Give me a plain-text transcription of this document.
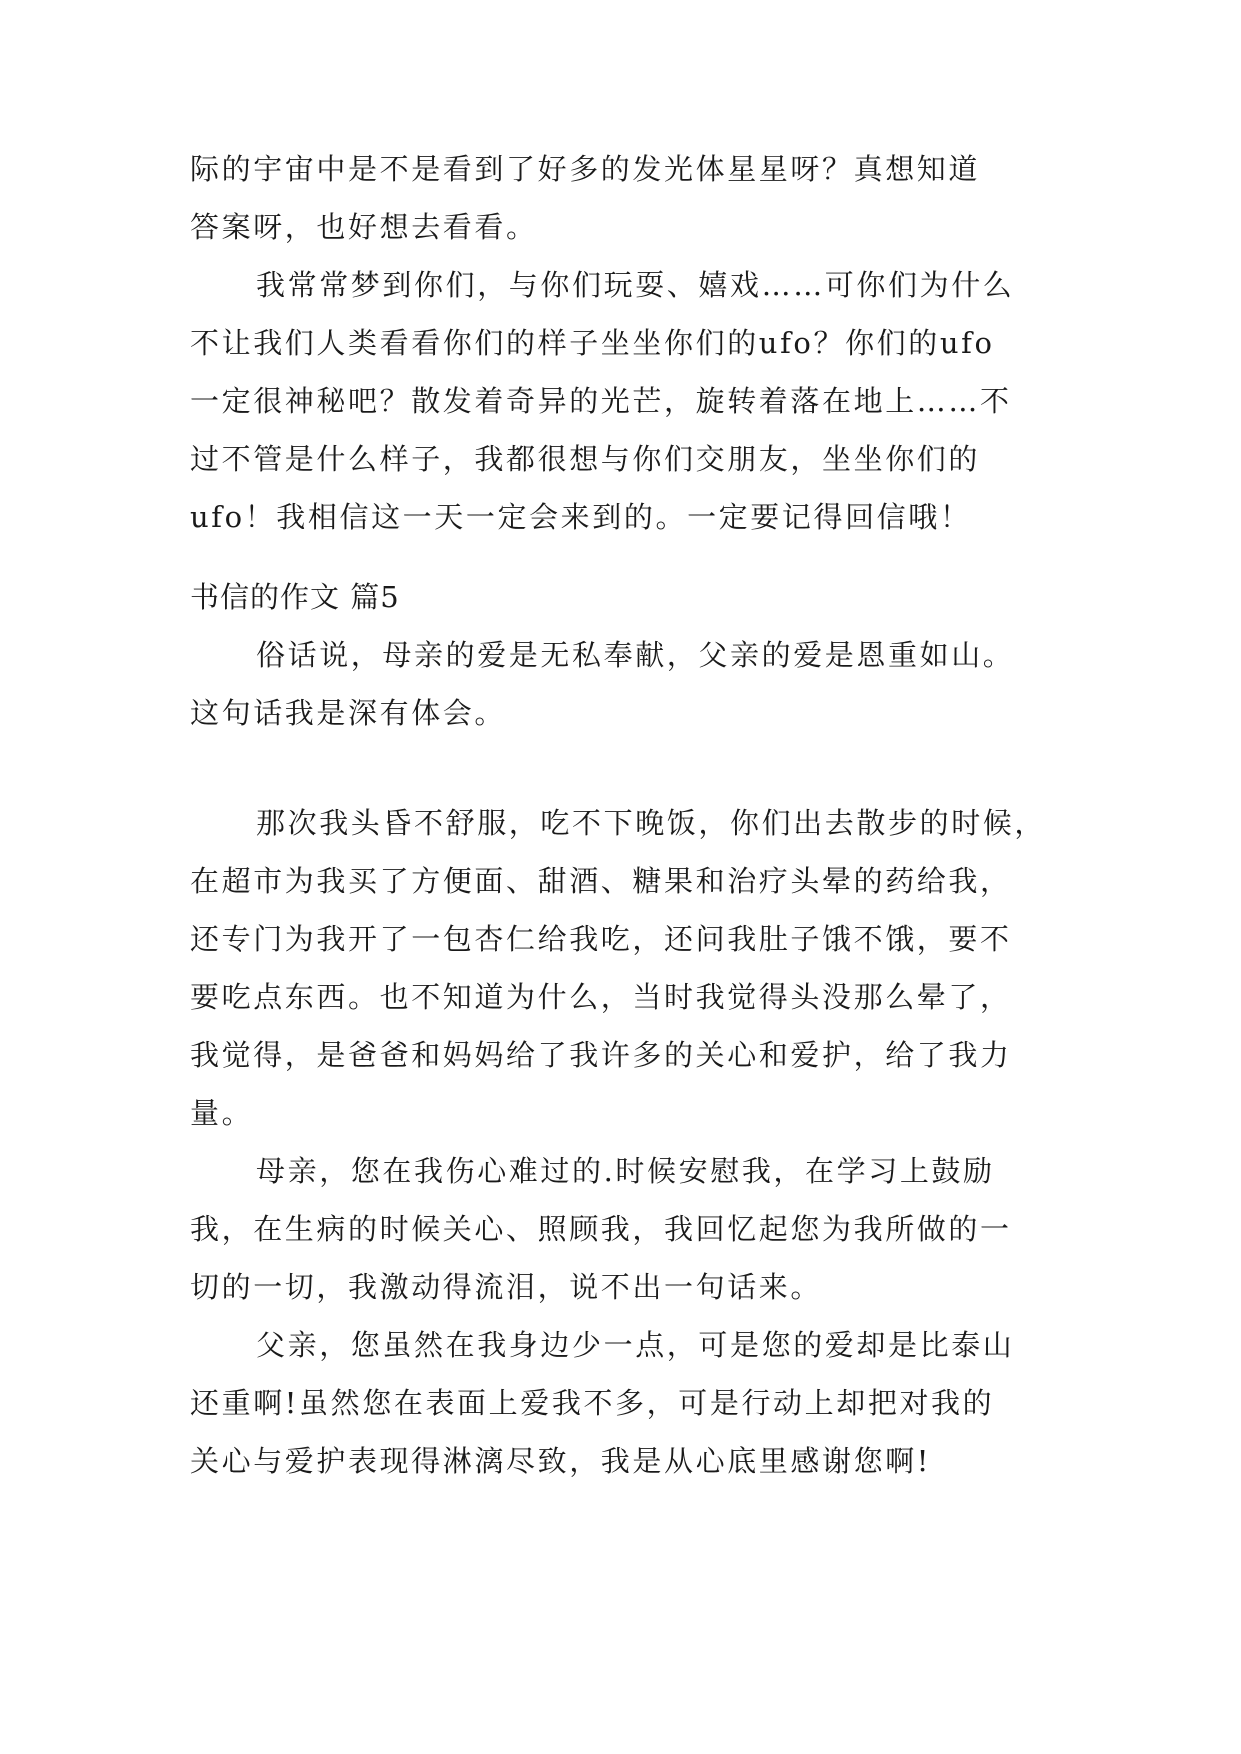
际的宇宙中是不是看到了好多的发光体星星呀？真想知道
答案呀，也好想去看看。
我常常梦到你们，与你们玩耍、嬉戏……可你们为什么
不让我们人类看看你们的样子坐坐你们的ufo？你们的ufo
一定很神秘吧？散发着奇异的光芒，旋转着落在地上……不
过不管是什么样子，我都很想与你们交朋友，坐坐你们的
ufo！我相信这一天一定会来到的。一定要记得回信哦！
书信的作文 篇5
俗话说，母亲的爱是无私奉献，父亲的爱是恩重如山。
这句话我是深有体会。
那次我头昏不舒服，吃不下晚饭，你们出去散步的时候，
在超市为我买了方便面、甜酒、糖果和治疗头晕的药给我，
还专门为我开了一包杏仁给我吃，还问我肚子饿不饿，要不
要吃点东西。也不知道为什么，当时我觉得头没那么晕了，
我觉得，是爸爸和妈妈给了我许多的关心和爱护，给了我力
量。
母亲，您在我伤心难过的.时候安慰我，在学习上鼓励
我，在生病的时候关心、照顾我，我回忆起您为我所做的一
切的一切，我激动得流泪，说不出一句话来。
父亲，您虽然在我身边少一点，可是您的爱却是比泰山
还重啊!虽然您在表面上爱我不多，可是行动上却把对我的
关心与爱护表现得淋漓尽致，我是从心底里感谢您啊!
